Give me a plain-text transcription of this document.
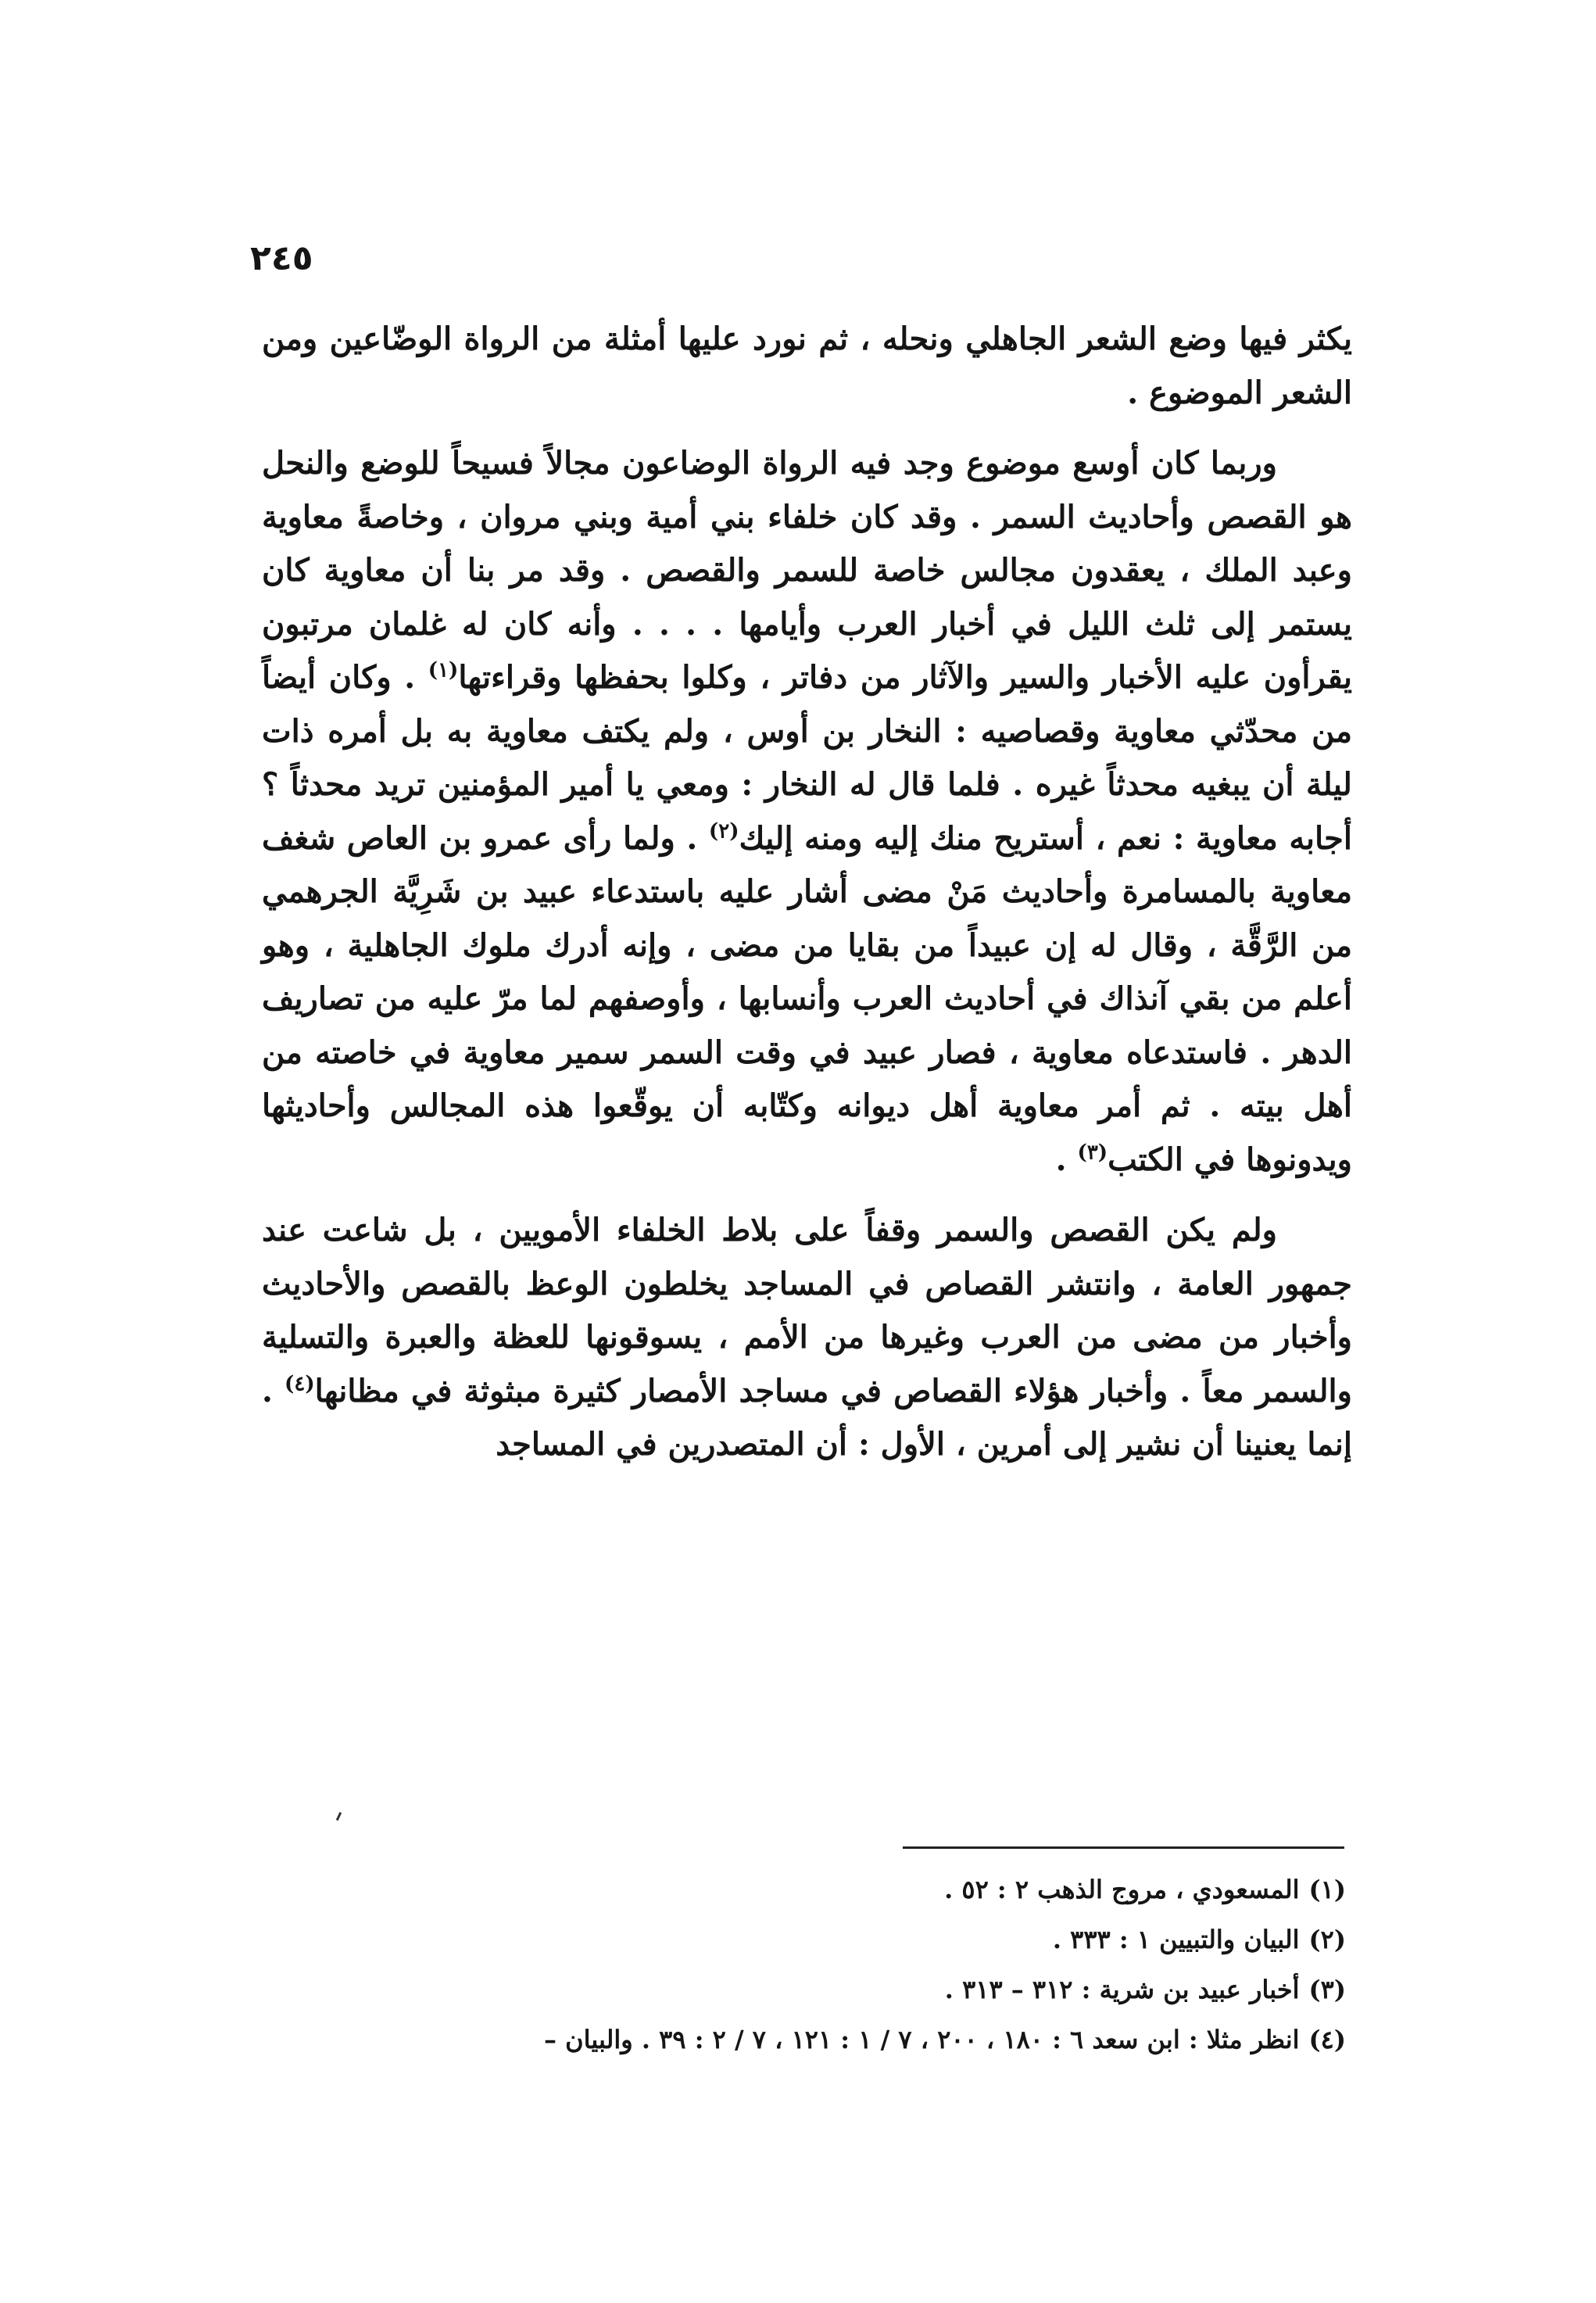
٢٤٥

يكثر فيها وضع الشعر الجاهلي ونحله ، ثم نورد عليها أمثلة من الرواة الوضّاعين ومن الشعر الموضوع .

وربما كان أوسع موضوع وجد فيه الرواة الوضاعون مجالاً فسيحاً للوضع والنحل هو القصص وأحاديث السمر . وقد كان خلفاء بني أمية وبني مروان ، وخاصةً معاوية وعبد الملك ، يعقدون مجالس خاصة للسمر والقصص . وقد مر بنا أن معاوية كان يستمر إلى ثلث الليل في أخبار العرب وأيامها . . . . وأنه كان له غلمان مرتبون يقرأون عليه الأخبار والسير والآثار من دفاتر ، وكلوا بحفظها وقراءتها$^{(١)}$ . وكان أيضاً من محدّثي معاوية وقصاصيه : النخار بن أوس ، ولم يكتف معاوية به بل أمره ذات ليلة أن يبغيه محدثاً غيره . فلما قال له النخار : ومعي يا أمير المؤمنين تريد محدثاً ؟ أجابه معاوية : نعم ، أستريح منك إليه ومنه إليك$^{(٢)}$ . ولما رأى عمرو بن العاص شغف معاوية بالمسامرة وأحاديث مَنْ مضى أشار عليه باستدعاء عبيد بن شَرِيَّة الجرهمي من الرَّقَّة ، وقال له إن عبيداً من بقايا من مضى ، وإنه أدرك ملوك الجاهلية ، وهو أعلم من بقي آنذاك في أحاديث العرب وأنسابها ، وأوصفهم لما مرّ عليه من تصاريف الدهر . فاستدعاه معاوية ، فصار عبيد في وقت السمر سمير معاوية في خاصته من أهل بيته . ثم أمر معاوية أهل ديوانه وكتّابه أن يوقّعوا هذه المجالس وأحاديثها ويدونوها في الكتب$^{(٣)}$ .

ولم يكن القصص والسمر وقفاً على بلاط الخلفاء الأمويين ، بل شاعت عند جمهور العامة ، وانتشر القصاص في المساجد يخلطون الوعظ بالقصص والأحاديث وأخبار من مضى من العرب وغيرها من الأمم ، يسوقونها للعظة والعبرة والتسلية والسمر معاً . وأخبار هؤلاء القصاص في مساجد الأمصار كثيرة مبثوثة في مظانها$^{(٤)}$ . إنما يعنينا أن نشير إلى أمرين ، الأول : أن المتصدرين في المساجد

(١)المسعودي ، مروج الذهب ٢ : ٥٢ .
(٢)البيان والتبيين ١ : ٣٣٣ .
(٣)أخبار عبيد بن شرية : ٣١٢ – ٣١٣ .
(٤)انظر مثلا : ابن سعد ٦ : ١٨٠ ، ٢٠٠ ، ٧ / ١ : ١٢١ ، ٧ / ٢ : ٣٩ . والبيان –
